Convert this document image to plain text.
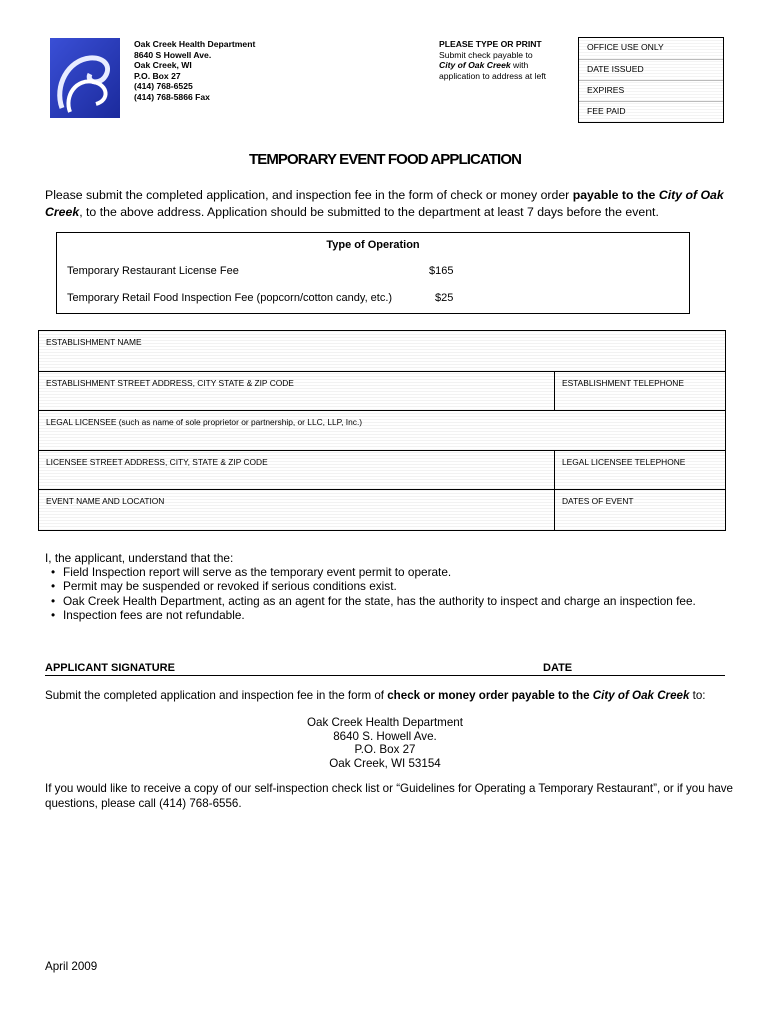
Oak Creek Health Department
8640 S Howell Ave.
Oak Creek, WI
P.O. Box 27
(414) 768-6525
(414) 768-5866 Fax
PLEASE TYPE OR PRINT
Submit check payable to
City of Oak Creek with
application to address at left
OFFICE USE ONLY
DATE ISSUED
EXPIRES
FEE PAID
TEMPORARY EVENT FOOD APPLICATION
Please submit the completed application, and inspection fee in the form of check or money order payable to the City of Oak Creek, to the above address. Application should be submitted to the department at least 7 days before the event.
Type of Operation
Temporary Restaurant License Fee	$165
Temporary Retail Food Inspection Fee (popcorn/cotton candy, etc.)	$25
ESTABLISHMENT NAME
ESTABLISHMENT STREET ADDRESS, CITY STATE & ZIP CODE	ESTABLISHMENT TELEPHONE
LEGAL LICENSEE (such as name of sole proprietor or partnership, or LLC, LLP, Inc.)
LICENSEE STREET ADDRESS, CITY, STATE & ZIP CODE	LEGAL LICENSEE TELEPHONE
EVENT NAME AND LOCATION	DATES OF EVENT
I, the applicant, understand that the:
• Field Inspection report will serve as the temporary event permit to operate.
• Permit may be suspended or revoked if serious conditions exist.
• Oak Creek Health Department, acting as an agent for the state, has the authority to inspect and charge an inspection fee.
• Inspection fees are not refundable.
APPLICANT SIGNATURE	DATE
Submit the completed application and inspection fee in the form of check or money order payable to the City of Oak Creek to:
Oak Creek Health Department
8640 S. Howell Ave.
P.O. Box 27
Oak Creek, WI 53154
If you would like to receive a copy of our self-inspection check list or “Guidelines for Operating a Temporary Restaurant”, or if you have questions, please call (414) 768-6556.
April 2009
